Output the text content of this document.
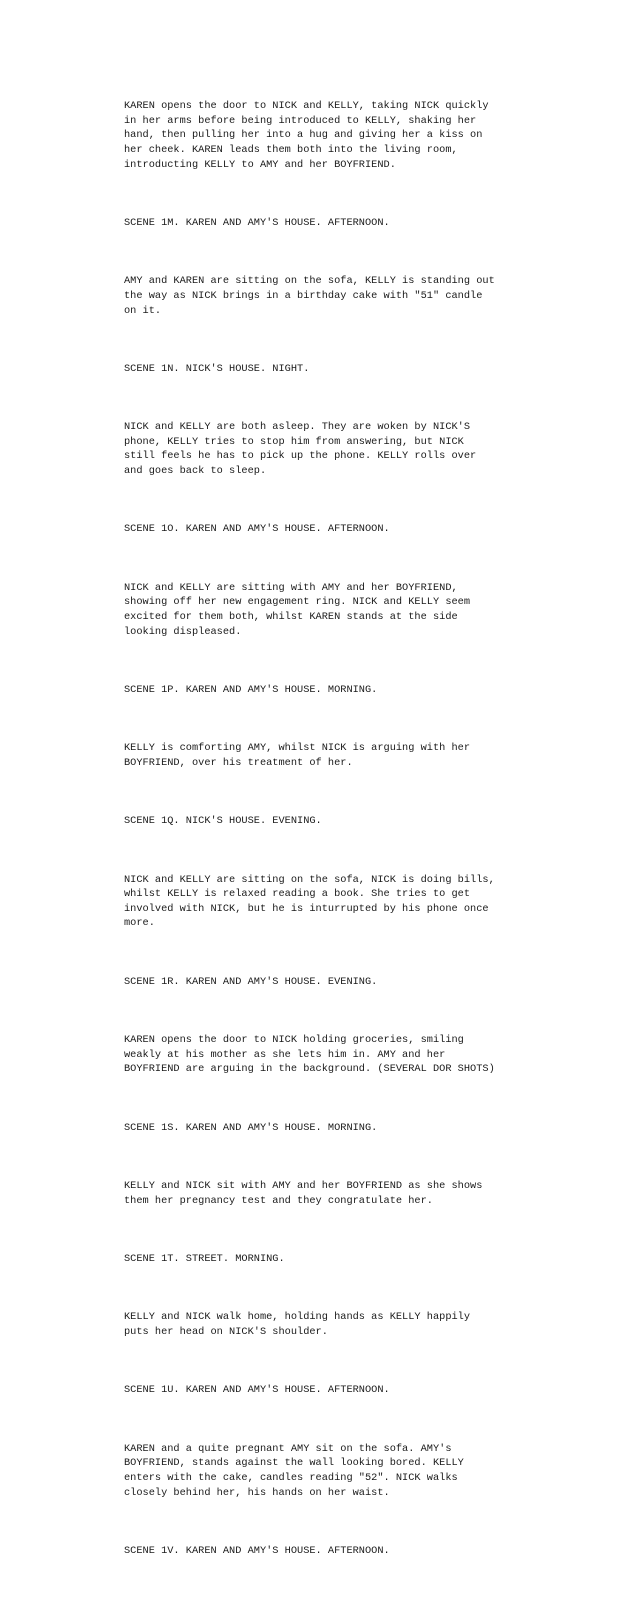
KAREN opens the door to NICK and KELLY, taking NICK quickly
in her arms before being introduced to KELLY, shaking her
hand, then pulling her into a hug and giving her a kiss on
her cheek. KAREN leads them both into the living room,
introducting KELLY to AMY and her BOYFRIEND.

SCENE 1M. KAREN AND AMY'S HOUSE. AFTERNOON.

AMY and KAREN are sitting on the sofa, KELLY is standing out
the way as NICK brings in a birthday cake with "51" candle
on it.

SCENE 1N. NICK'S HOUSE. NIGHT.

NICK and KELLY are both asleep. They are woken by NICK'S
phone, KELLY tries to stop him from answering, but NICK
still feels he has to pick up the phone. KELLY rolls over
and goes back to sleep.

SCENE 1O. KAREN AND AMY'S HOUSE. AFTERNOON.

NICK and KELLY are sitting with AMY and her BOYFRIEND,
showing off her new engagement ring. NICK and KELLY seem
excited for them both, whilst KAREN stands at the side
looking displeased.

SCENE 1P. KAREN AND AMY'S HOUSE. MORNING.

KELLY is comforting AMY, whilst NICK is arguing with her
BOYFRIEND, over his treatment of her.

SCENE 1Q. NICK'S HOUSE. EVENING.

NICK and KELLY are sitting on the sofa, NICK is doing bills,
whilst KELLY is relaxed reading a book. She tries to get
involved with NICK, but he is inturrupted by his phone once
more.

SCENE 1R. KAREN AND AMY'S HOUSE. EVENING.

KAREN opens the door to NICK holding groceries, smiling
weakly at his mother as she lets him in. AMY and her
BOYFRIEND are arguing in the background. (SEVERAL DOR SHOTS)

SCENE 1S. KAREN AND AMY'S HOUSE. MORNING.

KELLY and NICK sit with AMY and her BOYFRIEND as she shows
them her pregnancy test and they congratulate her.

SCENE 1T. STREET. MORNING.

KELLY and NICK walk home, holding hands as KELLY happily
puts her head on NICK'S shoulder.

SCENE 1U. KAREN AND AMY'S HOUSE. AFTERNOON.

KAREN and a quite pregnant AMY sit on the sofa. AMY's
BOYFRIEND, stands against the wall looking bored. KELLY
enters with the cake, candles reading "52". NICK walks
closely behind her, his hands on her waist.

SCENE 1V. KAREN AND AMY'S HOUSE. AFTERNOON.
